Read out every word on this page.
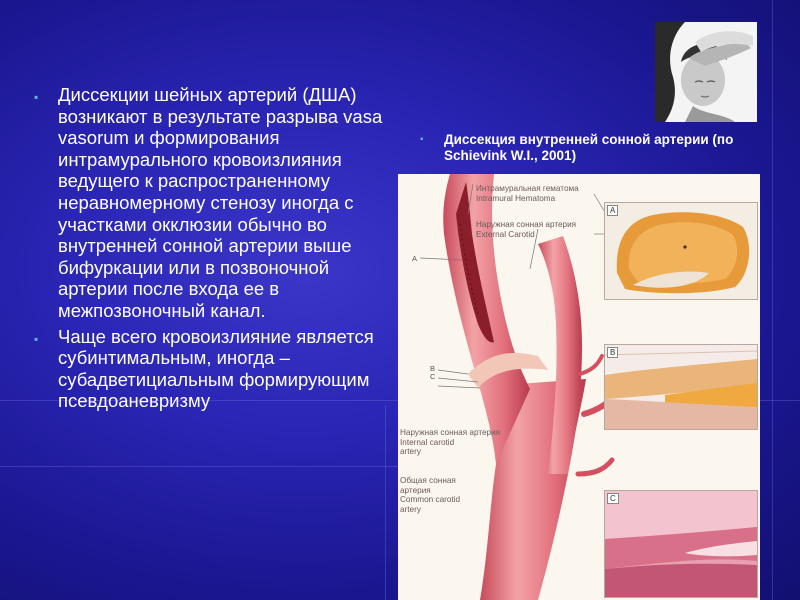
▪	Диссекции шейных артерий (ДША) возникают в результате разрыва vasa vasorum и формирования интрамурального кровоизлияния ведущего к распространенному неравномерному стенозу иногда с участками окклюзии обычно во внутренней сонной артерии выше бифуркации или в позвоночной артерии после входа ее в межпозвоночный канал.
▪	Чаще всего кровоизлияние является субинтимальным, иногда – субадветициальным формирующим псевдоаневризму
▪	Диссекция внутренней сонной артерии (по Schievink W.I., 2001)
Интрамуральная гематома
Intramural Hematoma
Наружная сонная артерия
External Carotid
Наружная сонная артерия
Internal carotid
artery
Общая сонная
артерия
Common carotid
artery
A
B
C
A
B
C
